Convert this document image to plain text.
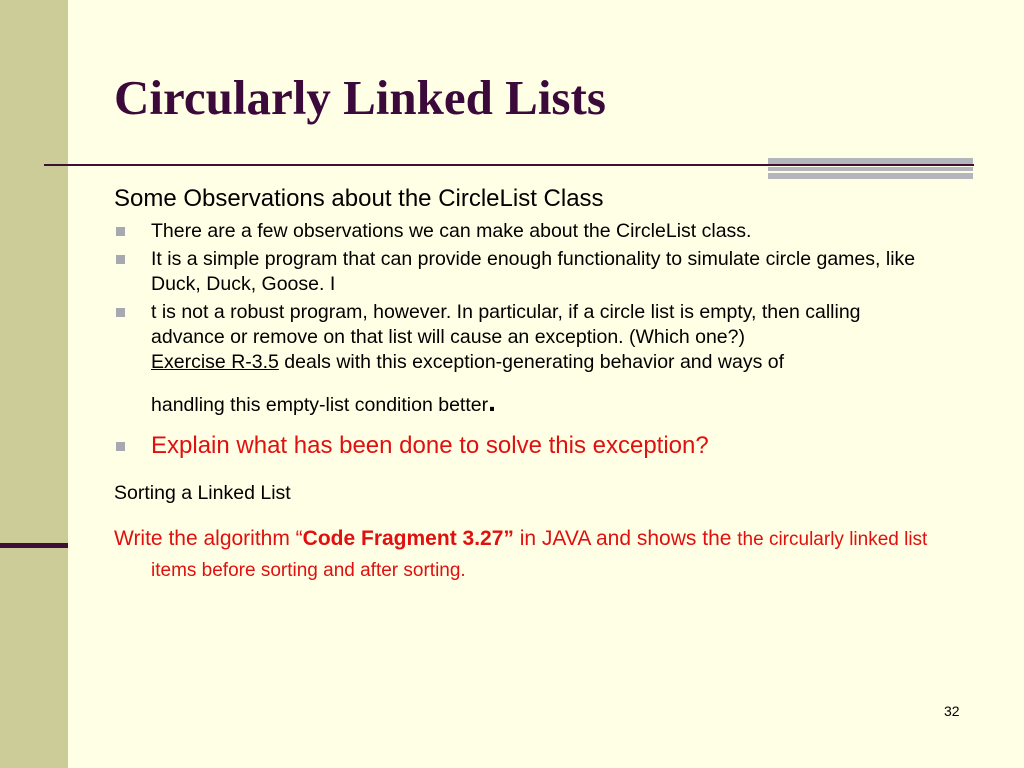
Circularly Linked Lists

Some Observations about the CircleList Class

There are a few observations we can make about the CircleList class.
It is a simple program that can provide enough functionality to simulate circle games, like Duck, Duck, Goose. I
t is not a robust program, however. In particular, if a circle list is empty, then calling advance or remove on that list will cause an exception. (Which one?)
Exercise R-3.5 deals with this exception-generating behavior and ways of
handling this empty-list condition better.
Explain what has been done to solve this exception?

Sorting a Linked List

Write the algorithm “Code Fragment 3.27” in JAVA and shows the the circularly linked list items before sorting and after sorting.

32
